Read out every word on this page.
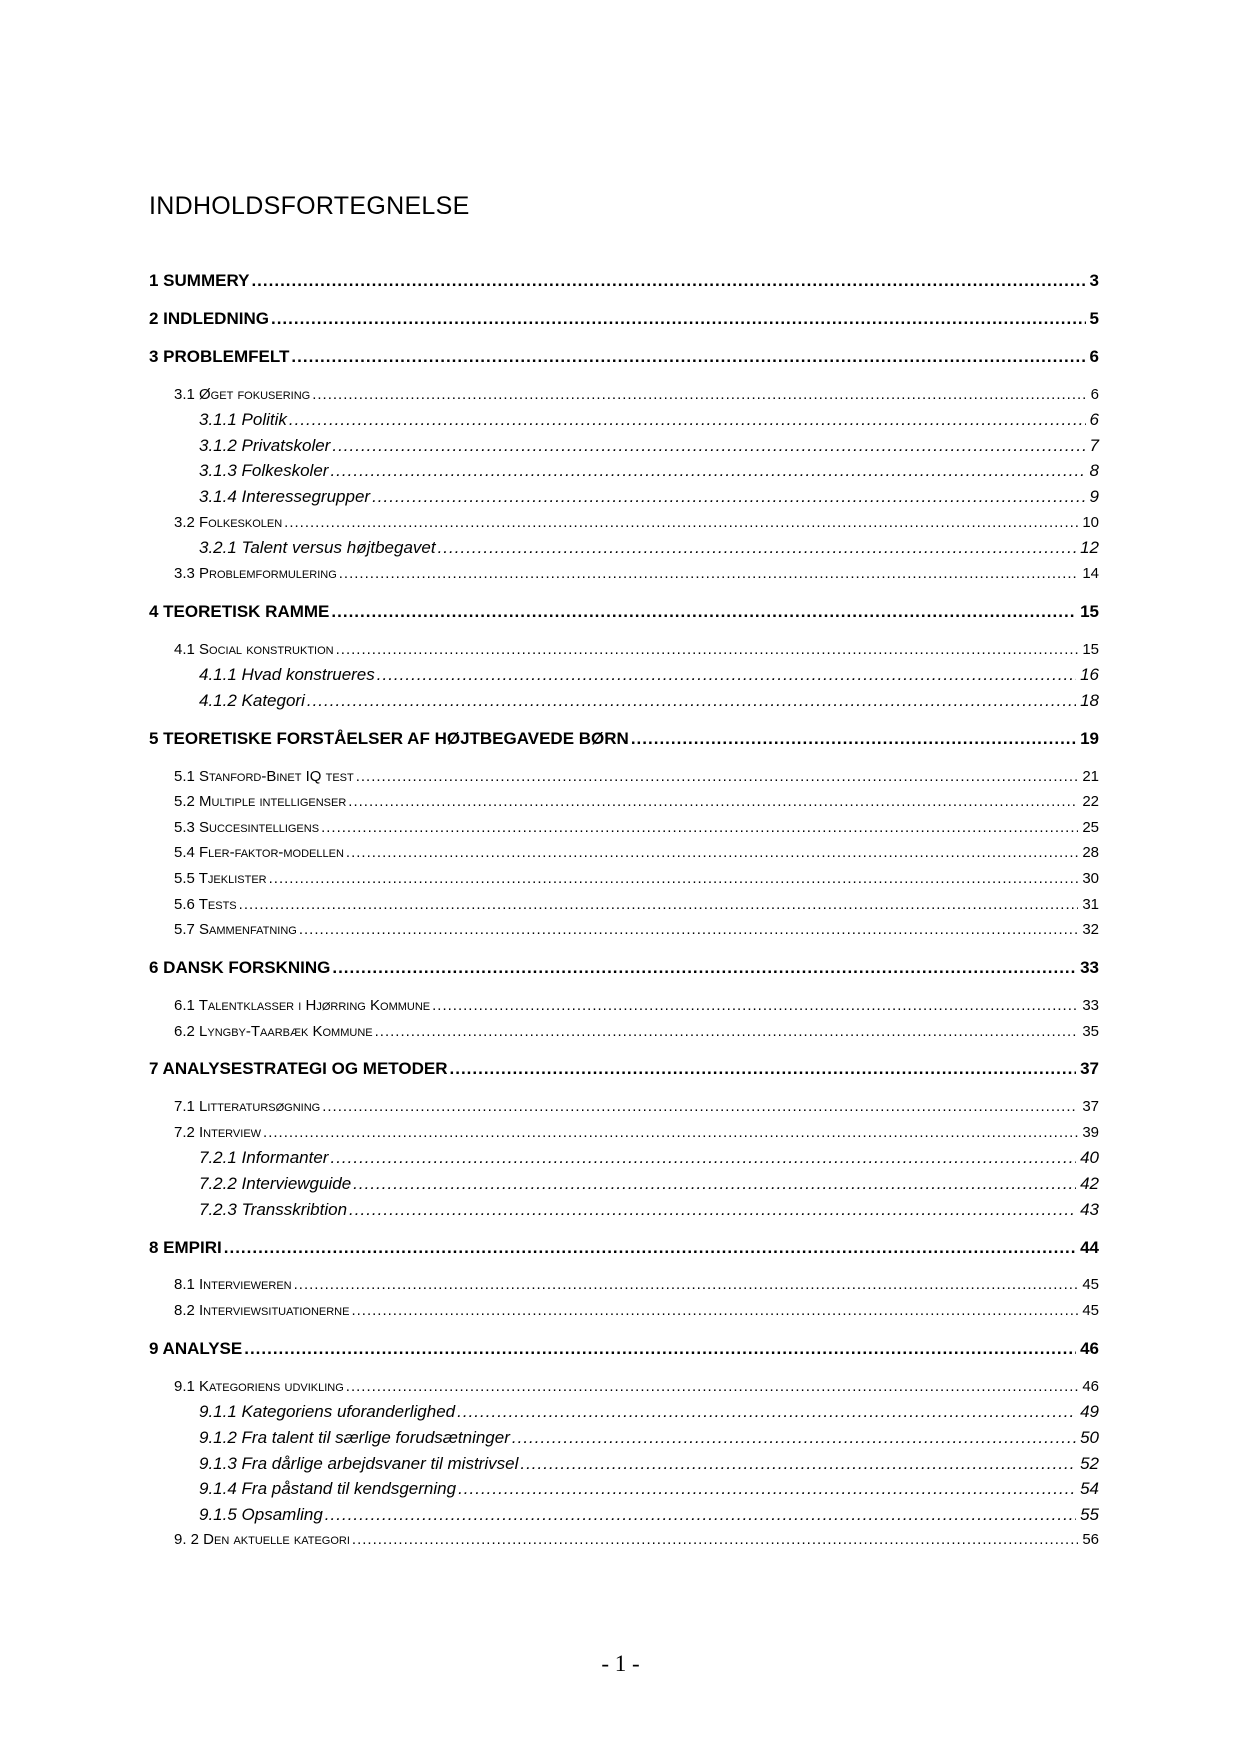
INDHOLDSFORTEGNELSE
1 SUMMERY .....	3
2 INDLEDNING .....	5
3 PROBLEMFELT .....	6
3.1 Øget fokusering .....	6
3.1.1 Politik .....	6
3.1.2 Privatskoler .....	7
3.1.3 Folkeskoler .....	8
3.1.4 Interessegrupper .....	9
3.2 Folkeskolen .....	10
3.2.1 Talent versus højtbegavet .....	12
3.3 Problemformulering .....	14
4 TEORETISK RAMME .....	15
4.1 Social konstruktion .....	15
4.1.1 Hvad konstrueres .....	16
4.1.2 Kategori .....	18
5 TEORETISKE FORSTÅELSER AF HØJTBEGAVEDE BØRN .....	19
5.1 Stanford-Binet IQ test .....	21
5.2 Multiple intelligenser .....	22
5.3 Succesintelligens .....	25
5.4 Fler-faktor-modellen .....	28
5.5 Tjeklister .....	30
5.6 Tests .....	31
5.7 Sammenfatning .....	32
6 DANSK FORSKNING .....	33
6.1 Talentklasser i Hjørring Kommune .....	33
6.2 Lyngby-Taarbæk Kommune .....	35
7 ANALYSESTRATEGI OG METODER .....	37
7.1 Litteratursøgning .....	37
7.2 Interview .....	39
7.2.1 Informanter .....	40
7.2.2 Interviewguide .....	42
7.2.3 Transskribtion .....	43
8 EMPIRI .....	44
8.1 Intervieweren .....	45
8.2 Interviewsituationerne .....	45
9 ANALYSE .....	46
9.1 Kategoriens udvikling .....	46
9.1.1 Kategoriens uforanderlighed .....	49
9.1.2 Fra talent til særlige forudsætninger .....	50
9.1.3 Fra dårlige arbejdsvaner til mistrivsel .....	52
9.1.4 Fra påstand til kendsgerning .....	54
9.1.5 Opsamling .....	55
9. 2 Den aktuelle kategori .....	56
- 1 -
